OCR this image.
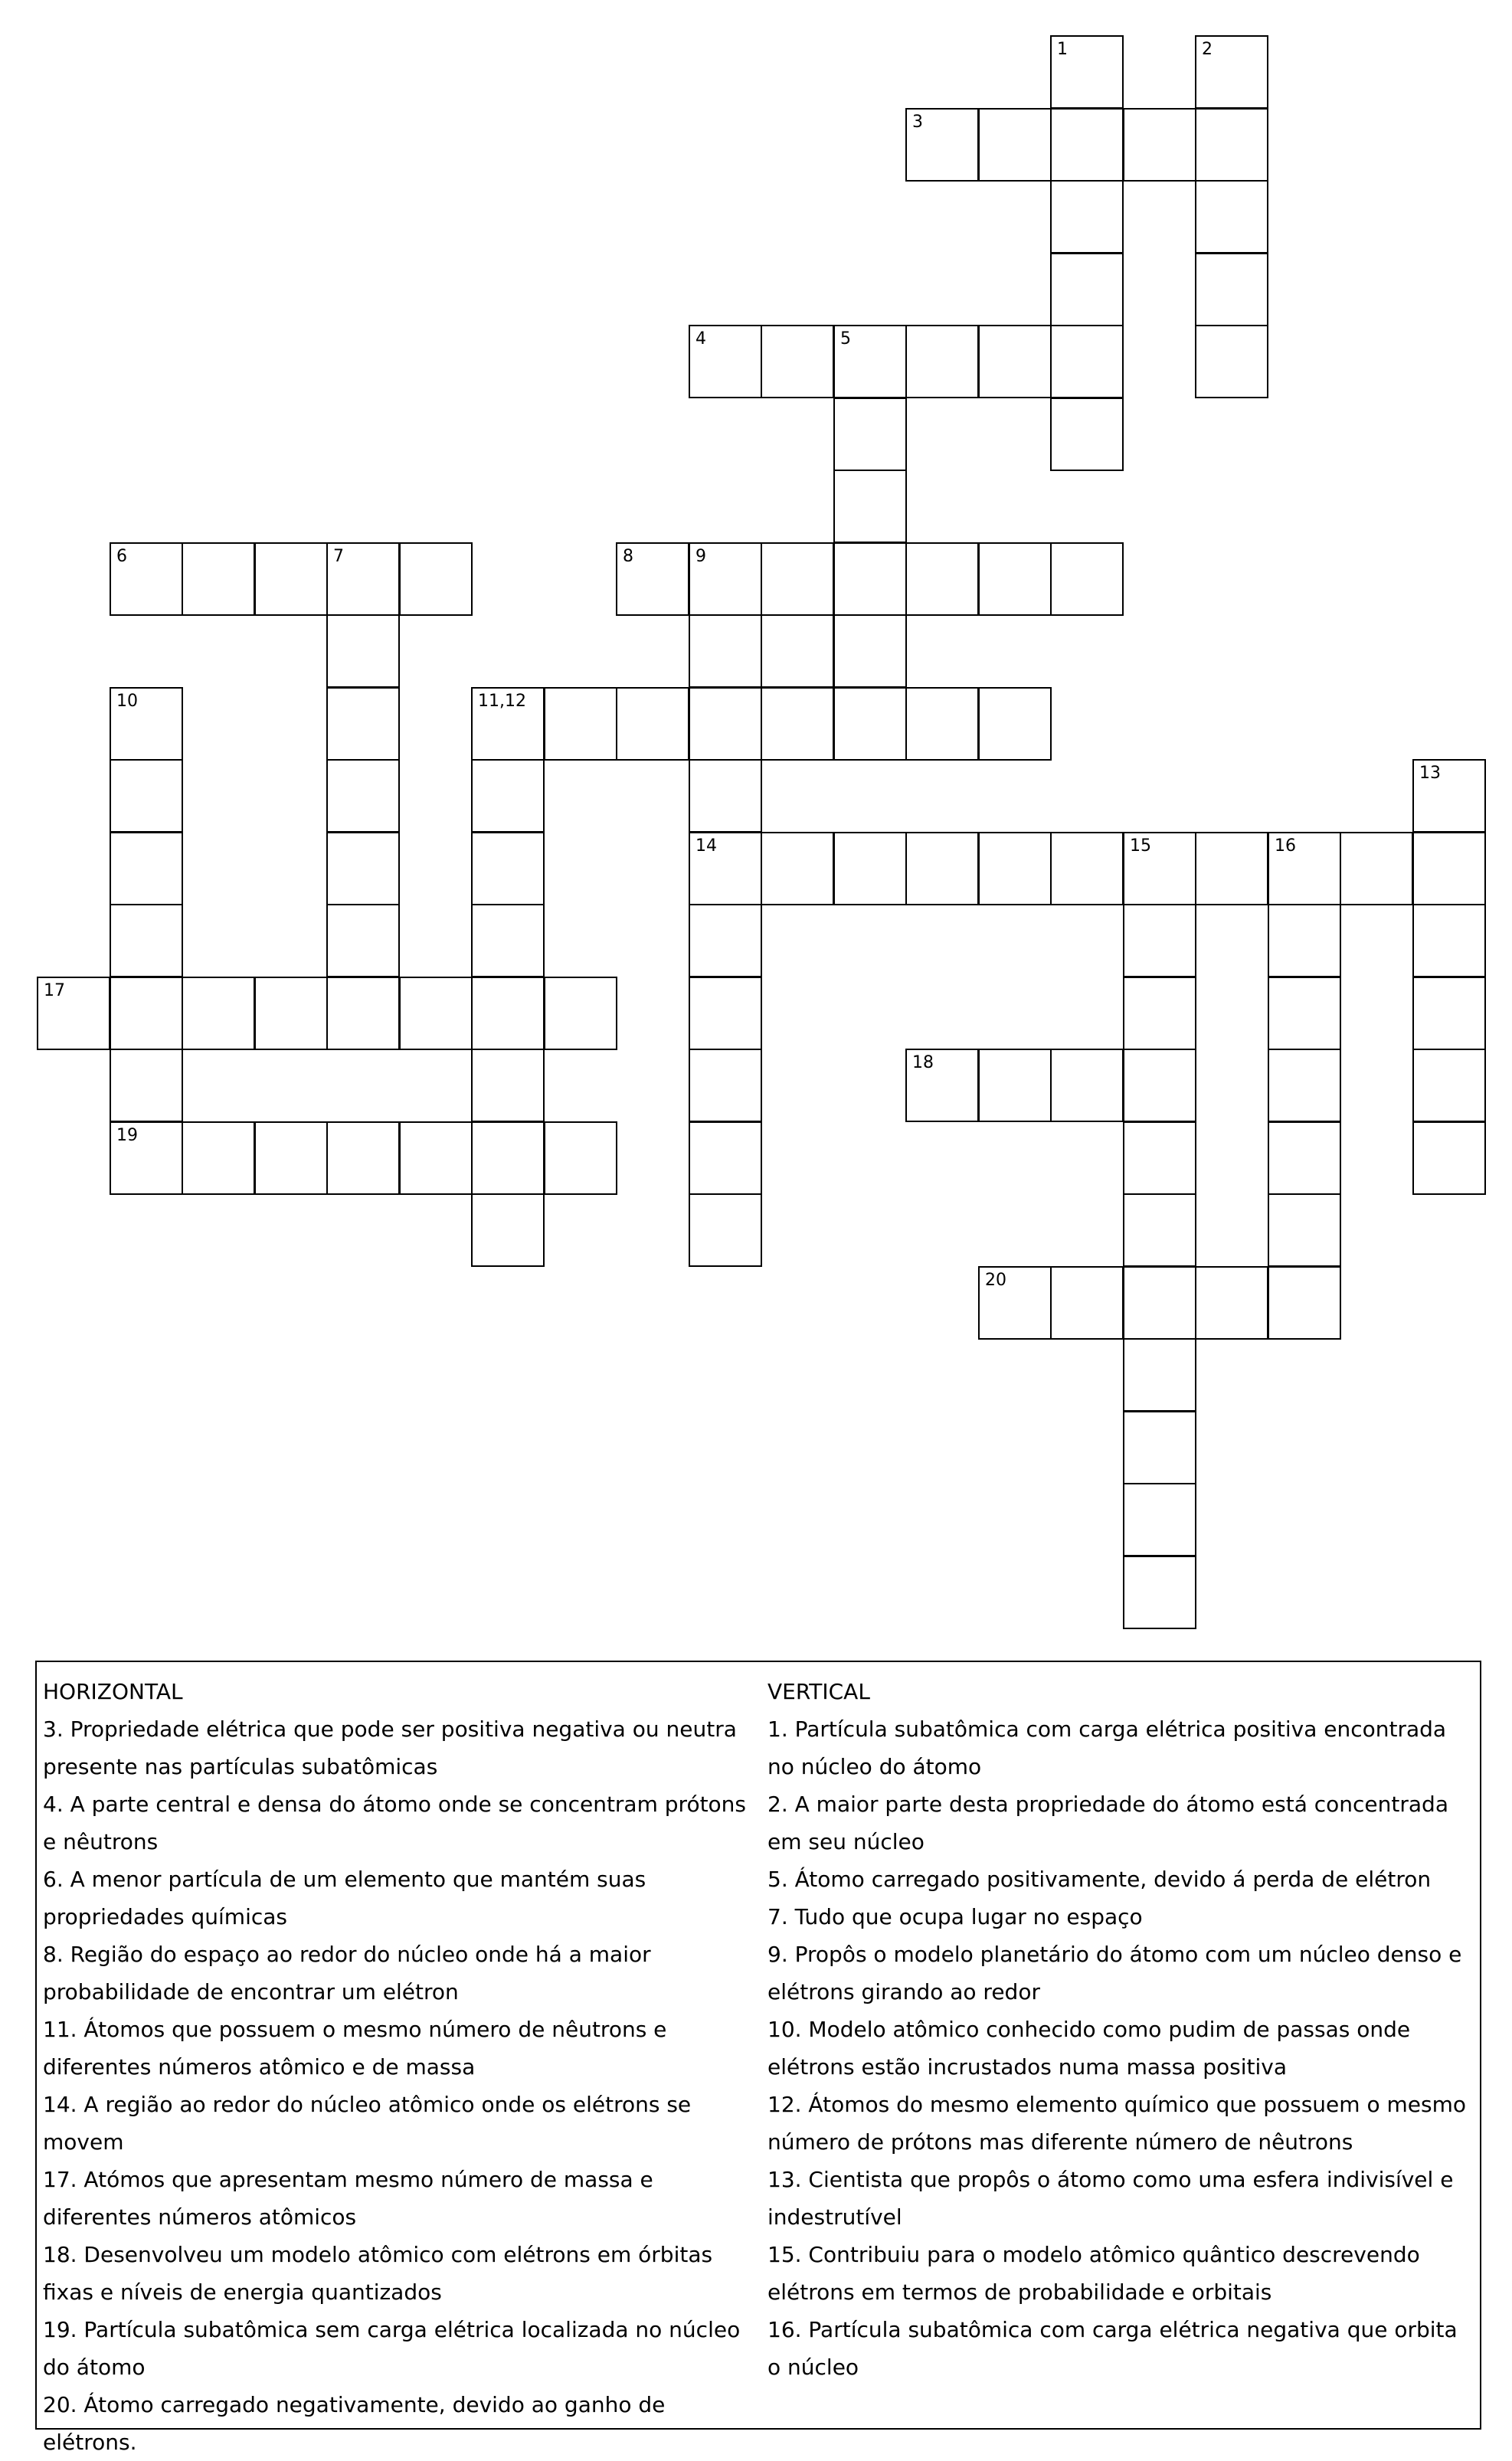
1	2
3
4	5
6	7	8	9
10	11,12
13
14	15	16
17
18
19
20
HORIZONTAL
3. Propriedade elétrica que pode ser positiva negativa ou neutra presente nas partículas subatômicas
4. A parte central e densa do átomo onde se concentram prótons e nêutrons
6. A menor partícula de um elemento que mantém suas propriedades químicas
8. Região do espaço ao redor do núcleo onde há a maior probabilidade de encontrar um elétron
11. Átomos que possuem o mesmo número de nêutrons e diferentes números atômico e de massa
14. A região ao redor do núcleo atômico onde os elétrons se movem
17. Atómos que apresentam mesmo número de massa e diferentes números atômicos
18. Desenvolveu um modelo atômico com elétrons em órbitas fixas e níveis de energia quantizados
19. Partícula subatômica sem carga elétrica localizada no núcleo do átomo
20. Átomo carregado negativamente, devido ao ganho de elétrons.
VERTICAL
1. Partícula subatômica com carga elétrica positiva encontrada no núcleo do átomo
2. A maior parte desta propriedade do átomo está concentrada em seu núcleo
5. Átomo carregado positivamente, devido á perda de elétron
7. Tudo que ocupa lugar no espaço
9. Propôs o modelo planetário do átomo com um núcleo denso e elétrons girando ao redor
10. Modelo atômico conhecido como pudim de passas onde elétrons estão incrustados numa massa positiva
12. Átomos do mesmo elemento químico que possuem o mesmo número de prótons mas diferente número de nêutrons
13. Cientista que propôs o átomo como uma esfera indivisível e indestrutível
15. Contribuiu para o modelo atômico quântico descrevendo elétrons em termos de probabilidade e orbitais
16. Partícula subatômica com carga elétrica negativa que orbita o núcleo
